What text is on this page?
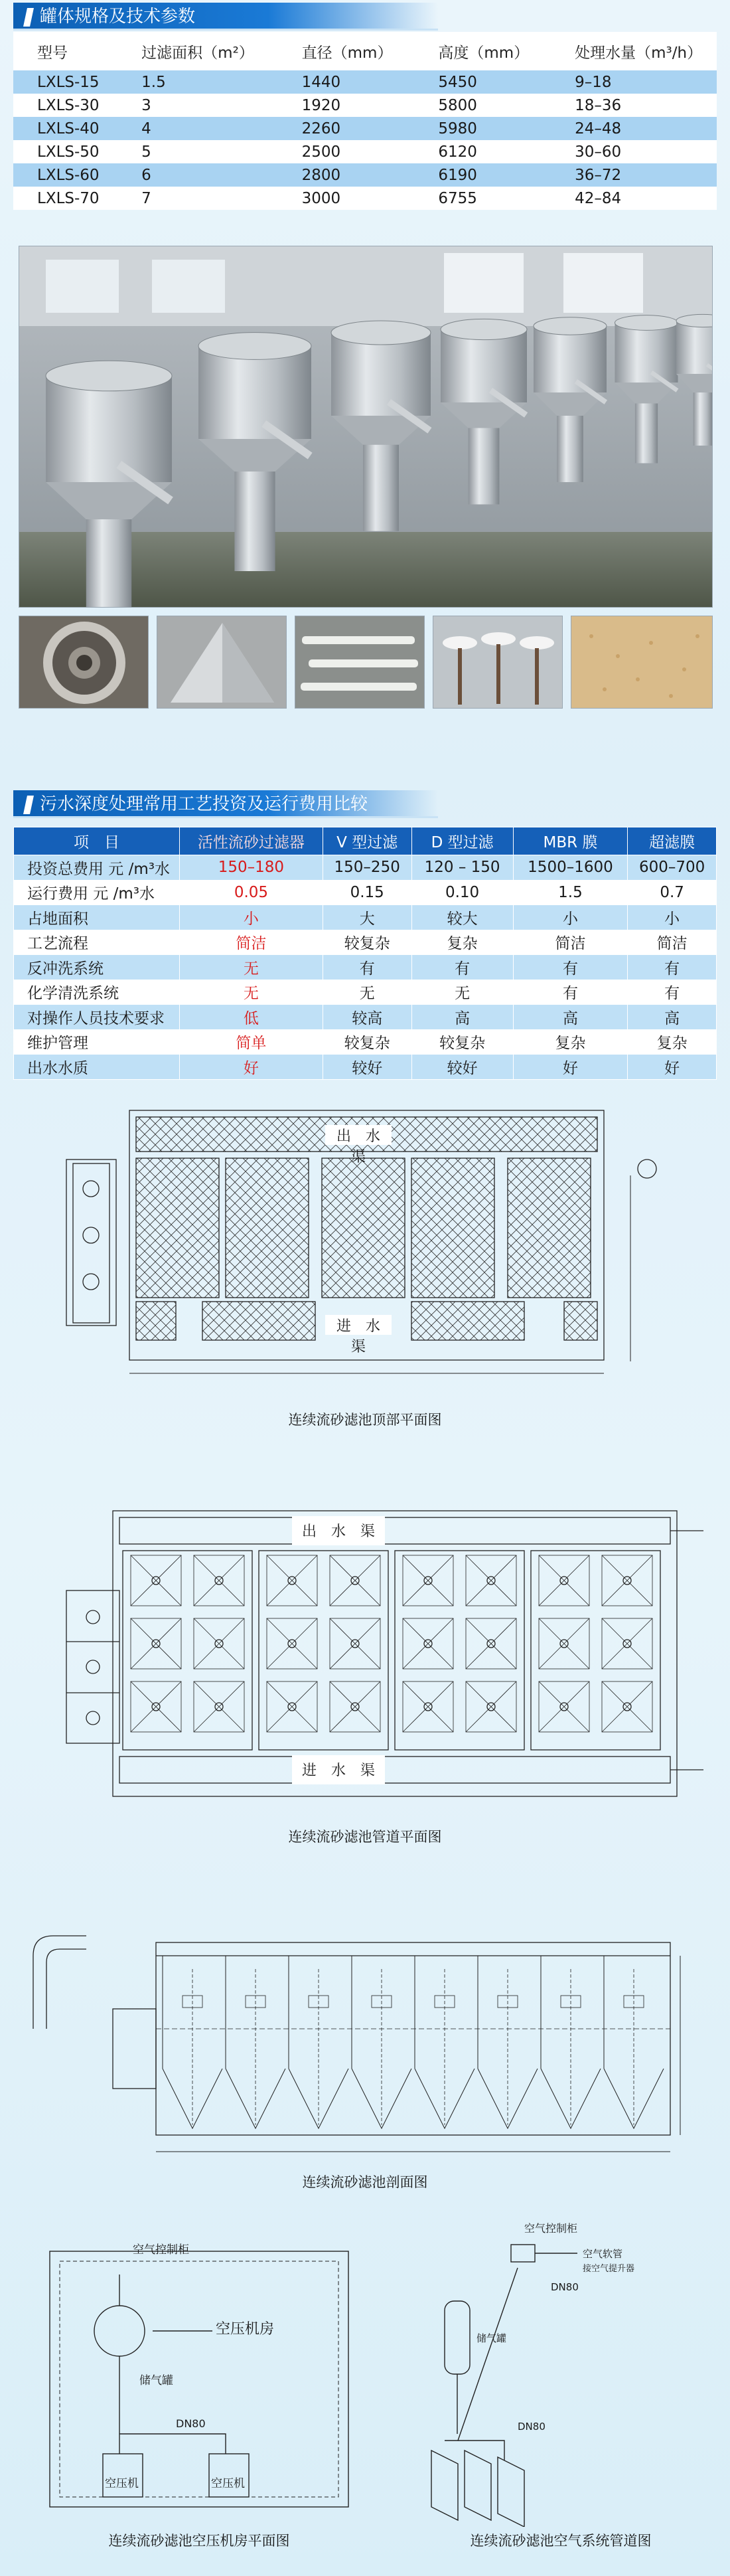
罐体规格及技术参数
型号	过滤面积（m²）	直径（mm）	高度（mm）	处理水量（m³/h）
LXLS-15	1.5	1440	5450	9–18
LXLS-30	3	1920	5800	18–36
LXLS-40	4	2260	5980	24–48
LXLS-50	5	2500	6120	30–60
LXLS-60	6	2800	6190	36–72
LXLS-70	7	3000	6755	42–84
污水深度处理常用工艺投资及运行费用比较
项　目	活性流砂过滤器	V 型过滤	D 型过滤	MBR 膜	超滤膜
投资总费用 元 /m³水	150–180	150–250	120 – 150	1500–1600	600–700
运行费用 元 /m³水	0.05	0.15	0.10	1.5	0.7
占地面积	小	大	较大	小	小
工艺流程	简洁	较复杂	复杂	简洁	简洁
反冲洗系统	无	有	有	有	有
化学清洗系统	无	无	无	有	有
对操作人员技术要求	低	较高	高	高	高
维护管理	简单	较复杂	较复杂	复杂	复杂
出水水质	好	较好	较好	好	好
出　水　渠
进　水　渠
连续流砂滤池顶部平面图
出　水　渠
进　水　渠
连续流砂滤池管道平面图
连续流砂滤池剖面图
空气控制柜
空压机房
储气罐
DN80
空压机	空压机
连续流砂滤池空压机房平面图
空气控制柜
空气软管
接空气提升器
DN80
DN80
储气罐
连续流砂滤池空气系统管道图
